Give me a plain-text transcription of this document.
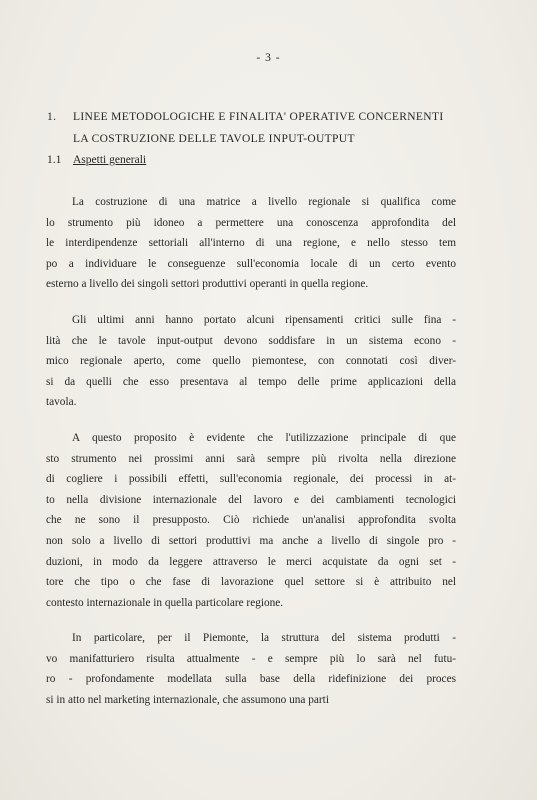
- 3 -
1. LINEE METODOLOGICHE E FINALITA' OPERATIVE CONCERNENTI
LA COSTRUZIONE DELLE TAVOLE INPUT-OUTPUT
1.1 Aspetti generali
La costruzione di una matrice a livello regionale si qualifica come
lo strumento più idoneo a permettere una conoscenza approfondita del
le interdipendenze settoriali all'interno di una regione, e nello stesso tem
po a individuare le conseguenze sull'economia locale di un certo evento
esterno a livello dei singoli settori produttivi operanti in quella regione.
Gli ultimi anni hanno portato alcuni ripensamenti critici sulle fina -
lità che le tavole input-output devono soddisfare in un sistema econo -
mico regionale aperto, come quello piemontese, con connotati così diver-
si da quelli che esso presentava al tempo delle prime applicazioni della
tavola.
A questo proposito è evidente che l'utilizzazione principale di que
sto strumento nei prossimi anni sarà sempre più rivolta nella direzione
di cogliere i possibili effetti, sull'economia regionale, dei processi in at-
to nella divisione internazionale del lavoro e dei cambiamenti tecnologici
che ne sono il presupposto. Ciò richiede un'analisi approfondita svolta
non solo a livello di settori produttivi ma anche a livello di singole pro -
duzioni, in modo da leggere attraverso le merci acquistate da ogni set -
tore che tipo o che fase di lavorazione quel settore si è attribuito nel
contesto internazionale in quella particolare regione.
In particolare, per il Piemonte, la struttura del sistema produtti -
vo manifatturiero risulta attualmente - e sempre più lo sarà nel futu-
ro - profondamente modellata sulla base della ridefinizione dei proces
si in atto nel marketing internazionale, che assumono una parti
